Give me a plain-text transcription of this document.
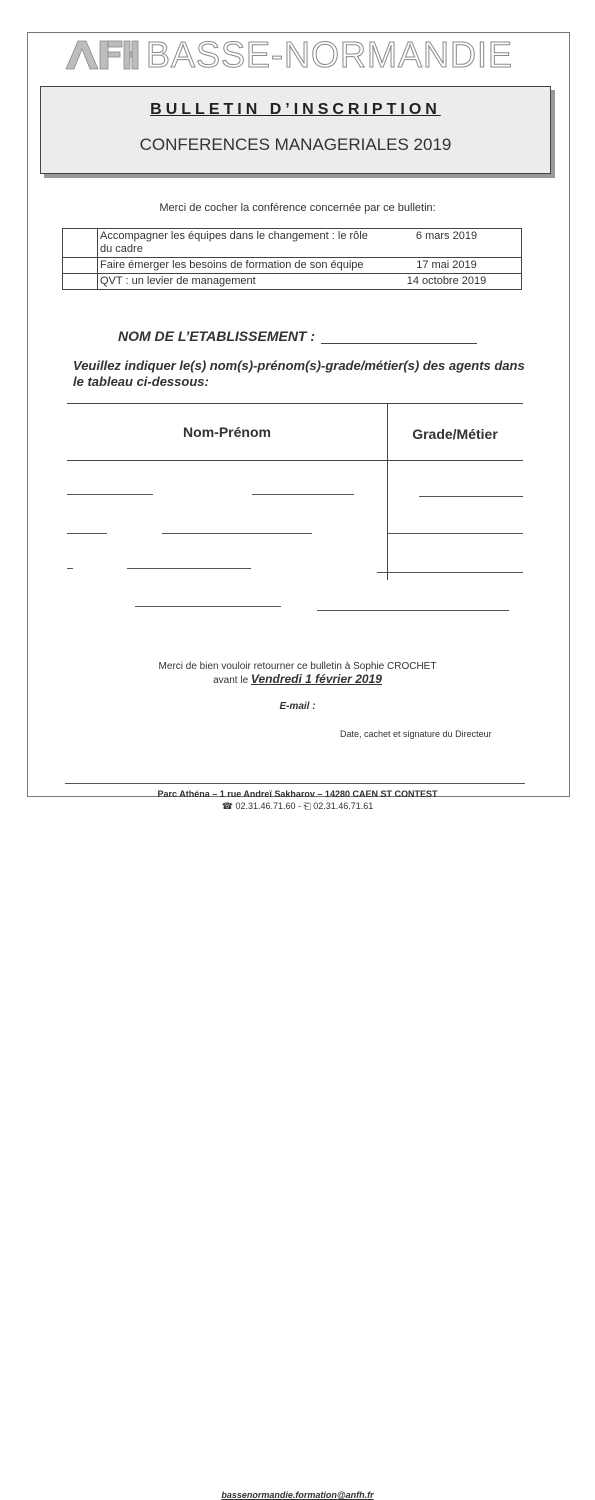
BASSE-NORMANDIE
BULLETIN D’INSCRIPTION
CONFERENCES MANAGERIALES 2019
Merci de cocher la conférence concernée par ce bulletin:
	Accompagner les équipes dans le changement : le rôle du cadre	6 mars 2019
	Faire émerger les besoins de formation de son équipe	17 mai 2019
	QVT : un levier de management	14 octobre 2019
NOM DE L’ETABLISSEMENT :
Veuillez indiquer le(s) nom(s)-prénom(s)-grade/métier(s) des agents dans le tableau ci-dessous:
Nom-Prénom	Grade/Métier
Merci de bien vouloir retourner ce bulletin à Sophie CROCHET
avant le Vendredi 1 février 2019
E-mail :
bassenormandie.formation@anfh.fr
Date, cachet et signature du Directeur
Parc Athéna – 1 rue Andreï Sakharov – 14280 CAEN ST CONTEST
☎ 02.31.46.71.60 - ⎗ 02.31.46.71.61
